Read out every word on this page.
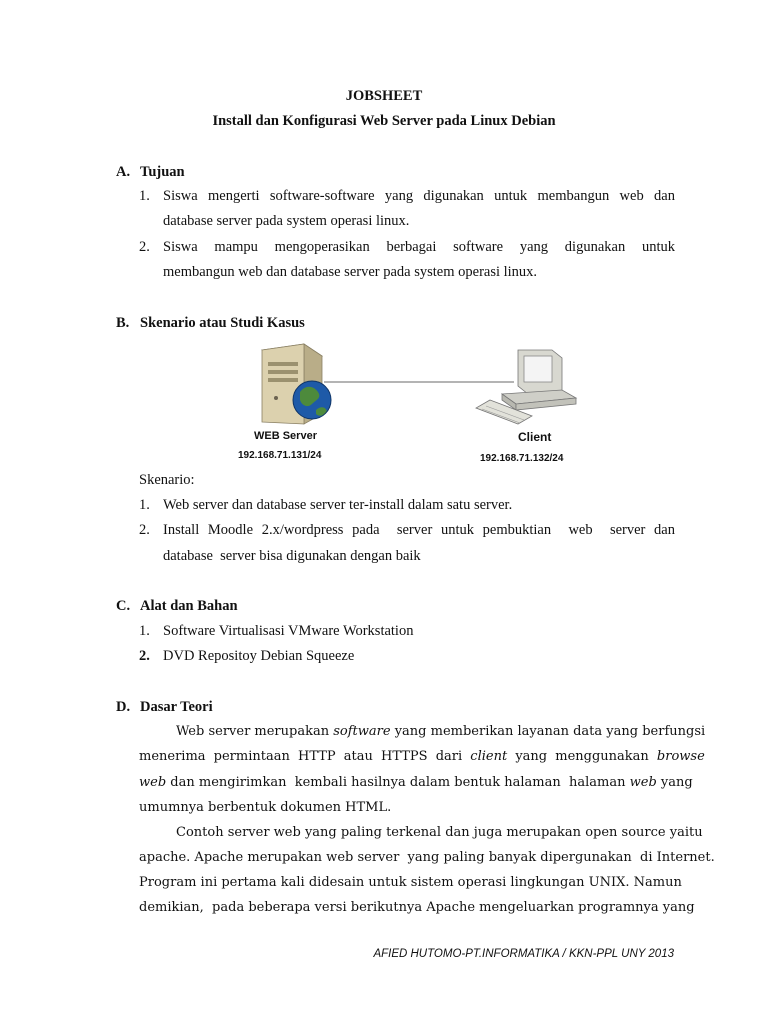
JOBSHEET
Install dan Konfigurasi Web Server pada Linux Debian
A. Tujuan
1. Siswa mengerti software-software yang digunakan untuk membangun web dan
database server pada system operasi linux.
2. Siswa mampu mengoperasikan berbagai software yang digunakan untuk
membangun web dan database server pada system operasi linux.
B. Skenario atau Studi Kasus
WEB Server
192.168.71.131/24
Client
192.168.71.132/24
Skenario:
1. Web server dan database server ter-install dalam satu server.
2. Install Moodle 2.x/wordpress pada  server untuk pembuktian  web  server dan
database  server bisa digunakan dengan baik
C. Alat dan Bahan
1. Software Virtualisasi VMware Workstation
2. DVD Repositoy Debian Squeeze
D. Dasar Teori
Web server merupakan software yang memberikan layanan data yang berfungsi
menerima permintaan HTTP atau HTTPS dari client yang menggunakan browse
web dan mengirimkan  kembali hasilnya dalam bentuk halaman  halaman web yang
umumnya berbentuk dokumen HTML.
Contoh server web yang paling terkenal dan juga merupakan open source yaitu
apache. Apache merupakan web server  yang paling banyak dipergunakan  di Internet.
Program ini pertama kali didesain untuk sistem operasi lingkungan UNIX. Namun
demikian,  pada beberapa versi berikutnya Apache mengeluarkan programnya yang
AFIED HUTOMO-PT.INFORMATIKA / KKN-PPL UNY 2013
